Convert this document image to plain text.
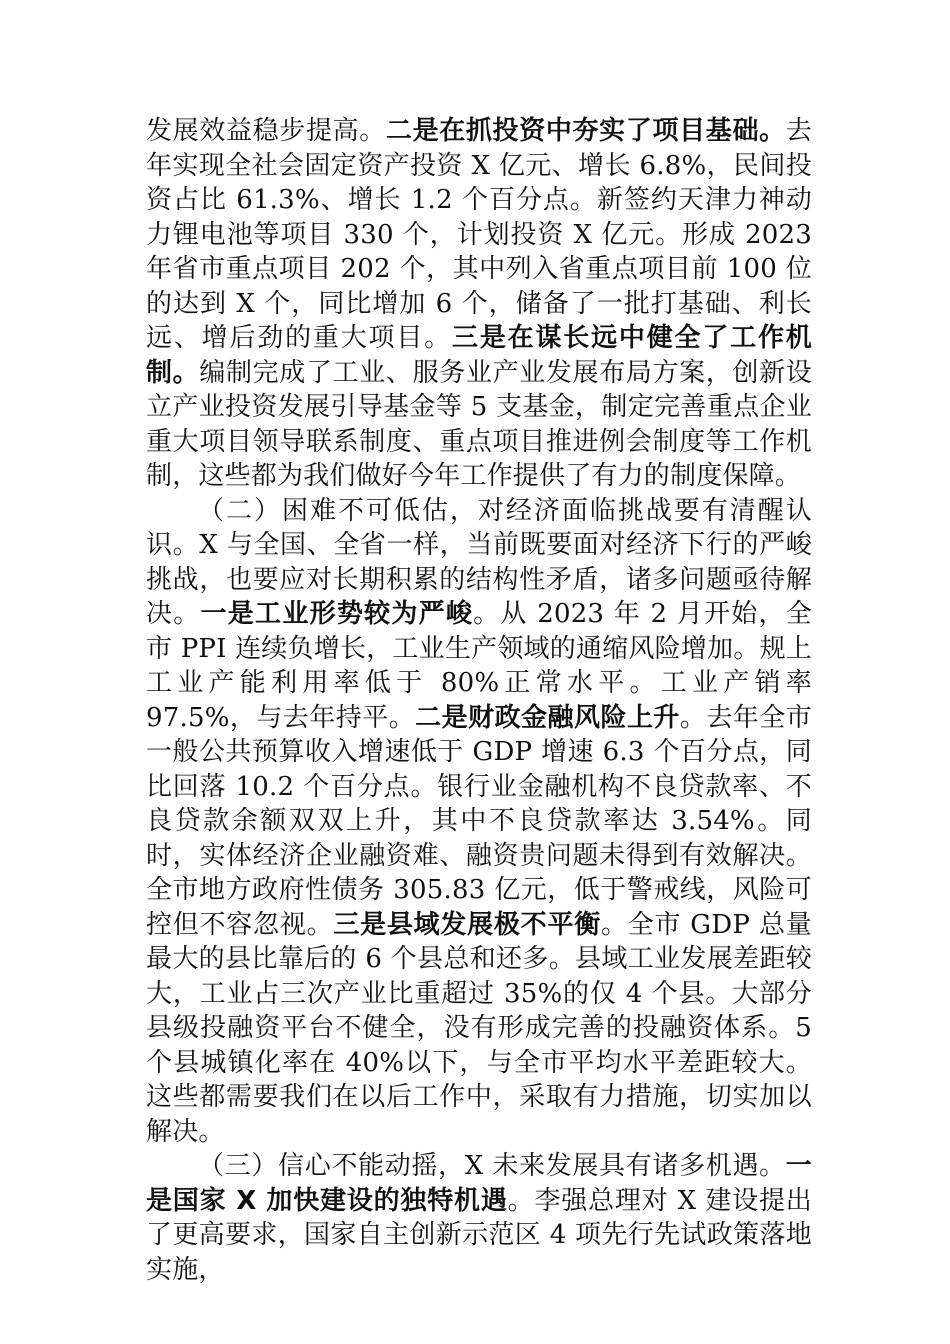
发展效益稳步提高。二是在抓投资中夯实了项目基础。去年实现全社会固定资产投资 X 亿元、增长 6.8%，民间投资占比 61.3%、增长 1.2 个百分点。新签约天津力神动力锂电池等项目 330 个，计划投资 X 亿元。形成 2023 年省市重点项目 202 个，其中列入省重点项目前 100 位的达到 X 个，同比增加 6 个，储备了一批打基础、利长远、增后劲的重大项目。三是在谋长远中健全了工作机制。编制完成了工业、服务业产业发展布局方案，创新设立产业投资发展引导基金等 5 支基金，制定完善重点企业重大项目领导联系制度、重点项目推进例会制度等工作机制，这些都为我们做好今年工作提供了有力的制度保障。

（二）困难不可低估，对经济面临挑战要有清醒认识。X 与全国、全省一样，当前既要面对经济下行的严峻挑战，也要应对长期积累的结构性矛盾，诸多问题亟待解决。一是工业形势较为严峻。从 2023 年 2 月开始，全市 PPI 连续负增长，工业生产领域的通缩风险增加。规上工业产能利用率低于 80%正常水平。工业产销率 97.5%，与去年持平。二是财政金融风险上升。去年全市一般公共预算收入增速低于 GDP 增速 6.3 个百分点，同比回落 10.2 个百分点。银行业金融机构不良贷款率、不良贷款余额双双上升，其中不良贷款率达 3.54%。同时，实体经济企业融资难、融资贵问题未得到有效解决。全市地方政府性债务 305.83 亿元，低于警戒线，风险可控但不容忽视。三是县域发展极不平衡。全市 GDP 总量最大的县比靠后的 6 个县总和还多。县域工业发展差距较大，工业占三次产业比重超过 35%的仅 4 个县。大部分县级投融资平台不健全，没有形成完善的投融资体系。5 个县城镇化率在 40%以下，与全市平均水平差距较大。这些都需要我们在以后工作中，采取有力措施，切实加以解决。

（三）信心不能动摇，X 未来发展具有诸多机遇。一是国家 X 加快建设的独特机遇。李强总理对 X 建设提出了更高要求，国家自主创新示范区 4 项先行先试政策落地实施，
